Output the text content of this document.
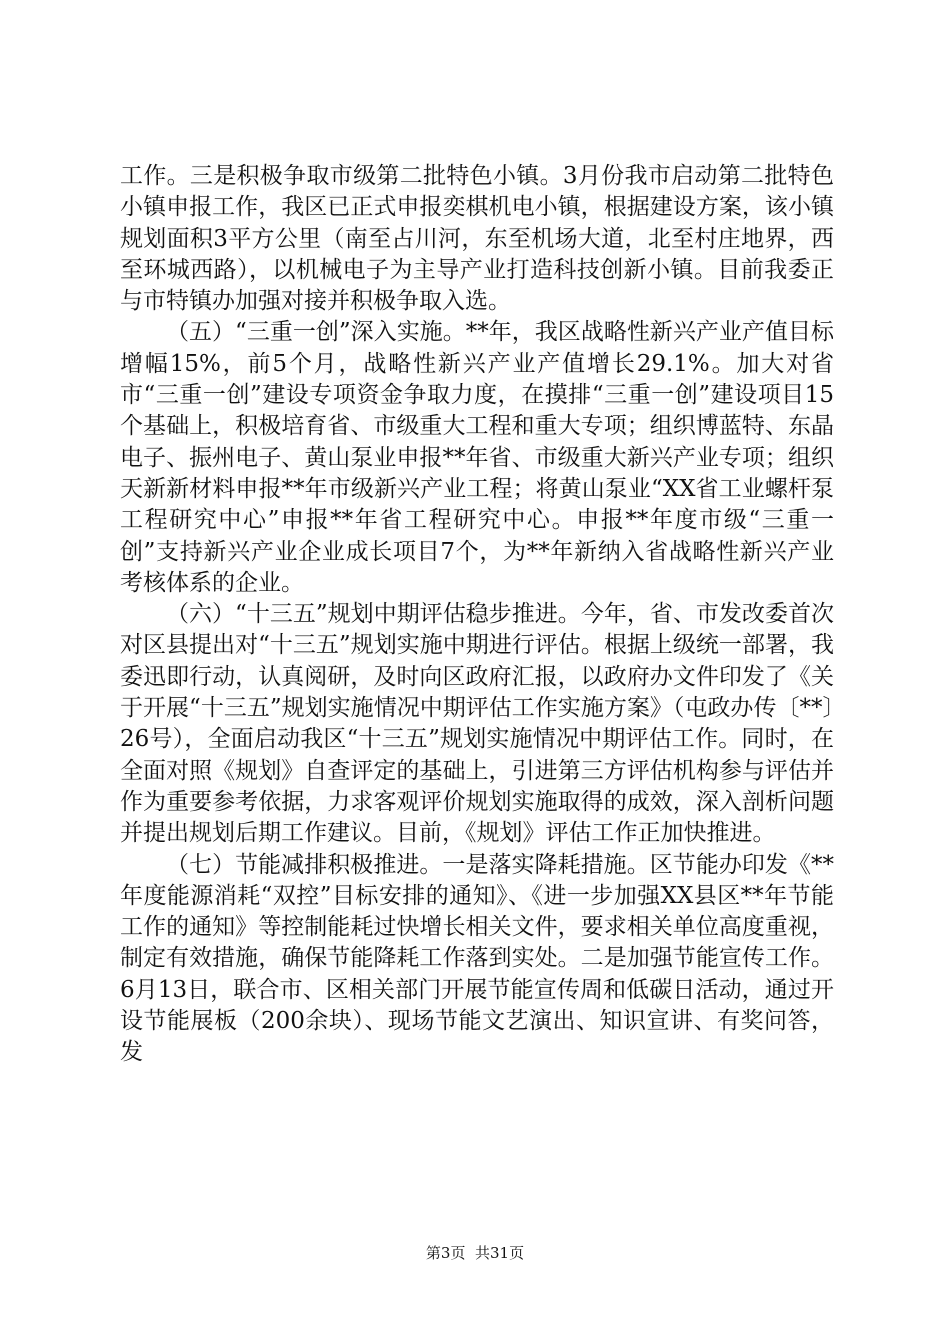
工作。三是积极争取市级第二批特色小镇。3月份我市启动第二批特色小镇申报工作，我区已正式申报奕棋机电小镇，根据建设方案，该小镇规划面积3平方公里（南至占川河，东至机场大道，北至村庄地界，西至环城西路），以机械电子为主导产业打造科技创新小镇。目前我委正与市特镇办加强对接并积极争取入选。

（五）“三重一创”深入实施。**年，我区战略性新兴产业产值目标增幅15%，前5个月，战略性新兴产业产值增长29.1%。加大对省市“三重一创”建设专项资金争取力度，在摸排“三重一创”建设项目15个基础上，积极培育省、市级重大工程和重大专项；组织博蓝特、东晶电子、振州电子、黄山泵业申报**年省、市级重大新兴产业专项；组织天新新材料申报**年市级新兴产业工程；将黄山泵业“XX省工业螺杆泵工程研究中心”申报**年省工程研究中心。申报**年度市级“三重一创”支持新兴产业企业成长项目7个，为**年新纳入省战略性新兴产业考核体系的企业。

（六）“十三五”规划中期评估稳步推进。今年，省、市发改委首次对区县提出对“十三五”规划实施中期进行评估。根据上级统一部署，我委迅即行动，认真阅研，及时向区政府汇报，以政府办文件印发了《关于开展“十三五”规划实施情况中期评估工作实施方案》（屯政办传〔**〕26号），全面启动我区“十三五”规划实施情况中期评估工作。同时，在全面对照《规划》自查评定的基础上，引进第三方评估机构参与评估并作为重要参考依据，力求客观评价规划实施取得的成效，深入剖析问题并提出规划后期工作建议。目前，《规划》评估工作正加快推进。

（七）节能减排积极推进。一是落实降耗措施。区节能办印发《**年度能源消耗“双控”目标安排的通知》、《进一步加强XX县区**年节能工作的通知》等控制能耗过快增长相关文件，要求相关单位高度重视，制定有效措施，确保节能降耗工作落到实处。二是加强节能宣传工作。6月13日，联合市、区相关部门开展节能宣传周和低碳日活动，通过开设节能展板（200余块）、现场节能文艺演出、知识宣讲、有奖问答，发

第3页  共31页
